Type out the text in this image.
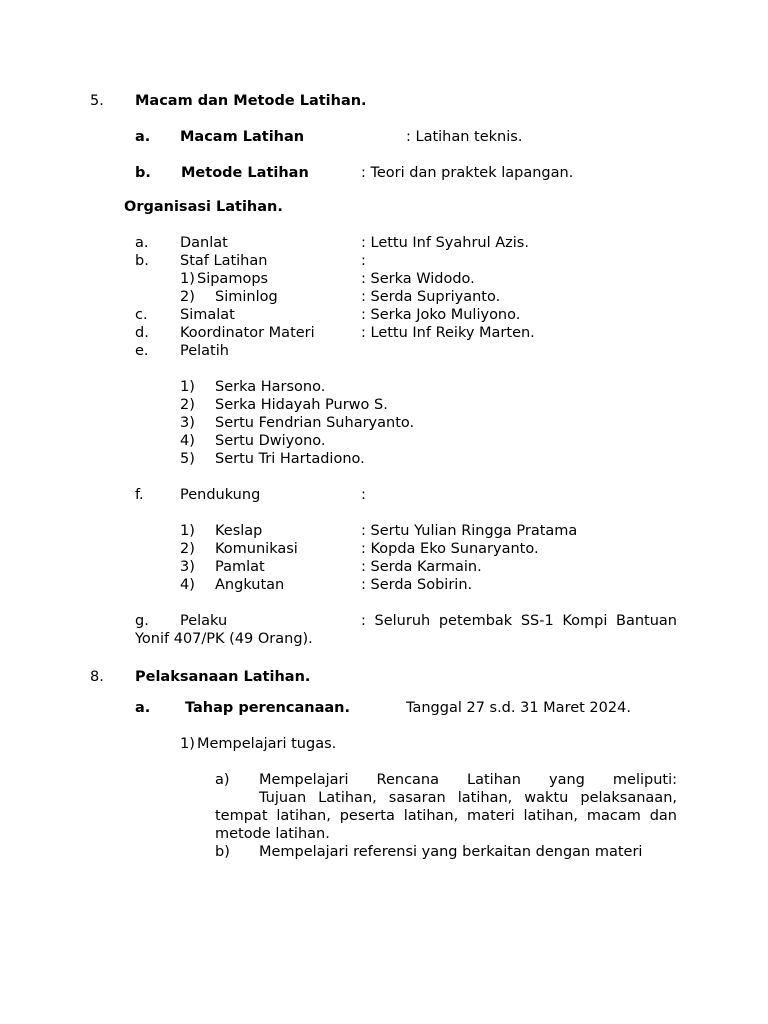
5. Macam dan Metode Latihan.
a. Macam Latihan	: Latihan teknis.
b. Metode Latihan	: Teori dan praktek lapangan.
Organisasi Latihan.
a. Danlat	: Lettu Inf Syahrul Azis.
b. Staf Latihan	:
1) Sipamops	: Serka Widodo.
2) Siminlog	: Serda Supriyanto.
c. Simalat	: Serka Joko Muliyono.
d. Koordinator Materi	: Lettu Inf Reiky Marten.
e. Pelatih
1) Serka Harsono.
2) Serka Hidayah Purwo S.
3) Sertu Fendrian Suharyanto.
4) Sertu Dwiyono.
5) Sertu Tri Hartadiono.
f.	Pendukung	:
1) Keslap	: Sertu Yulian Ringga Pratama
2) Komunikasi	: Kopda Eko Sunaryanto.
3) Pamlat	: Serda Karmain.
4) Angkutan	: Serda Sobirin.
g. Pelaku	: Seluruh petembak SS-1 Kompi Bantuan
Yonif 407/PK (49 Orang).
8. Pelaksanaan Latihan.
a. Tahap perencanaan.	Tanggal 27 s.d. 31 Maret 2024.
1) Mempelajari tugas.
a) Mempelajari Rencana Latihan yang meliputi:
Tujuan Latihan, sasaran latihan, waktu pelaksanaan,
tempat latihan, peserta latihan, materi latihan, macam dan
metode latihan.
b) Mempelajari referensi yang berkaitan dengan materi
